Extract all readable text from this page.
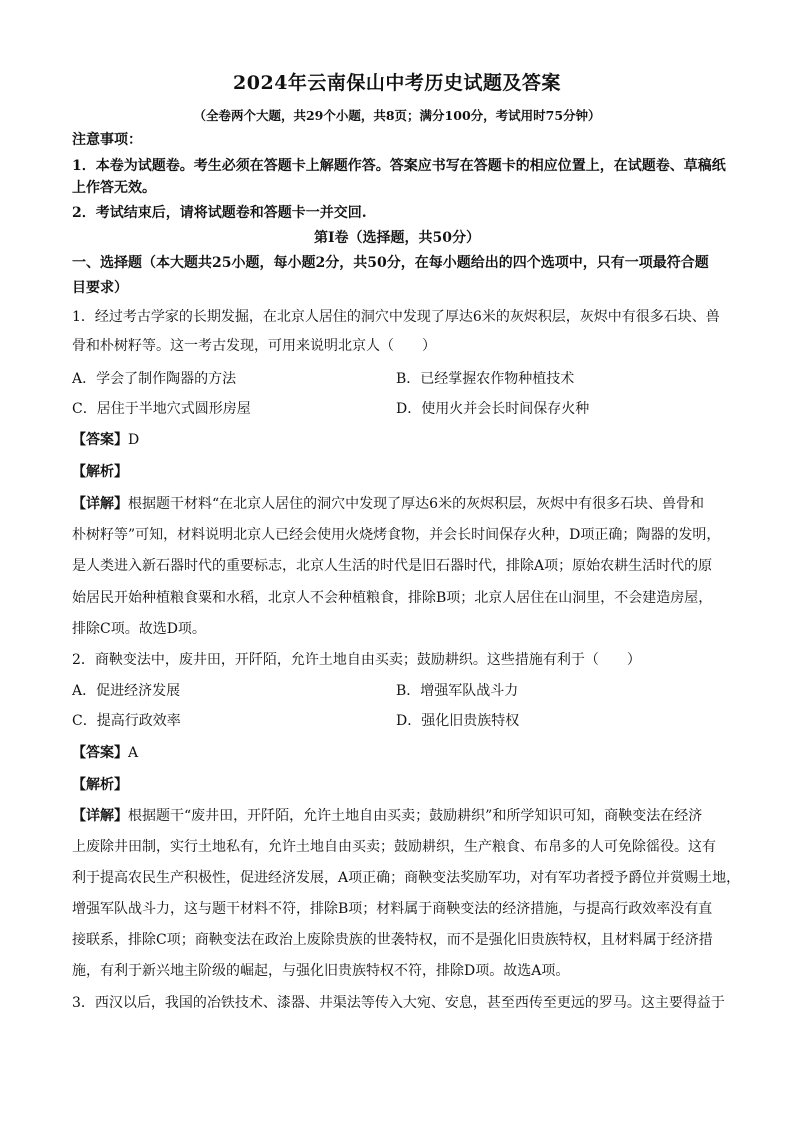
2024年云南保山中考历史试题及答案
（全卷两个大题，共29个小题，共8页；满分100分，考试用时75分钟）
注意事项：
1．本卷为试题卷。考生必须在答题卡上解题作答。答案应书写在答题卡的相应位置上，在试题卷、草稿纸
上作答无效。
2．考试结束后，请将试题卷和答题卡一并交回.
第Ⅰ卷（选择题，共50分）
一、选择题（本大题共25小题，每小题2分，共50分，在每小题给出的四个选项中，只有一项最符合题
目要求）
1．经过考古学家的长期发掘，在北京人居住的洞穴中发现了厚达6米的灰烬积层，灰烬中有很多石块、兽
骨和朴树籽等。这一考古发现，可用来说明北京人（　　）
A．学会了制作陶器的方法	B．已经掌握农作物种植技术
C．居住于半地穴式圆形房屋	D．使用火并会长时间保存火种
【答案】D
【解析】
【详解】根据题干材料“在北京人居住的洞穴中发现了厚达6米的灰烬积层，灰烬中有很多石块、兽骨和
朴树籽等”可知，材料说明北京人已经会使用火烧烤食物，并会长时间保存火种，D项正确；陶器的发明，
是人类进入新石器时代的重要标志，北京人生活的时代是旧石器时代，排除A项；原始农耕生活时代的原
始居民开始种植粮食粟和水稻，北京人不会种植粮食，排除B项；北京人居住在山洞里，不会建造房屋，
排除C项。故选D项。
2．商鞅变法中，废井田，开阡陌，允许土地自由买卖；鼓励耕织。这些措施有利于（　　）
A．促进经济发展	B．增强军队战斗力
C．提高行政效率	D．强化旧贵族特权
【答案】A
【解析】
【详解】根据题干“废井田，开阡陌，允许土地自由买卖；鼓励耕织”和所学知识可知，商鞅变法在经济
上废除井田制，实行土地私有，允许土地自由买卖；鼓励耕织，生产粮食、布帛多的人可免除徭役。这有
利于提高农民生产积极性，促进经济发展，A项正确；商鞅变法奖励军功，对有军功者授予爵位并赏赐土地，
增强军队战斗力，这与题干材料不符，排除B项；材料属于商鞅变法的经济措施，与提高行政效率没有直
接联系，排除C项；商鞅变法在政治上废除贵族的世袭特权，而不是强化旧贵族特权，且材料属于经济措
施，有利于新兴地主阶级的崛起，与强化旧贵族特权不符，排除D项。故选A项。
3．西汉以后，我国的冶铁技术、漆器、井渠法等传入大宛、安息，甚至西传至更远的罗马。这主要得益于
